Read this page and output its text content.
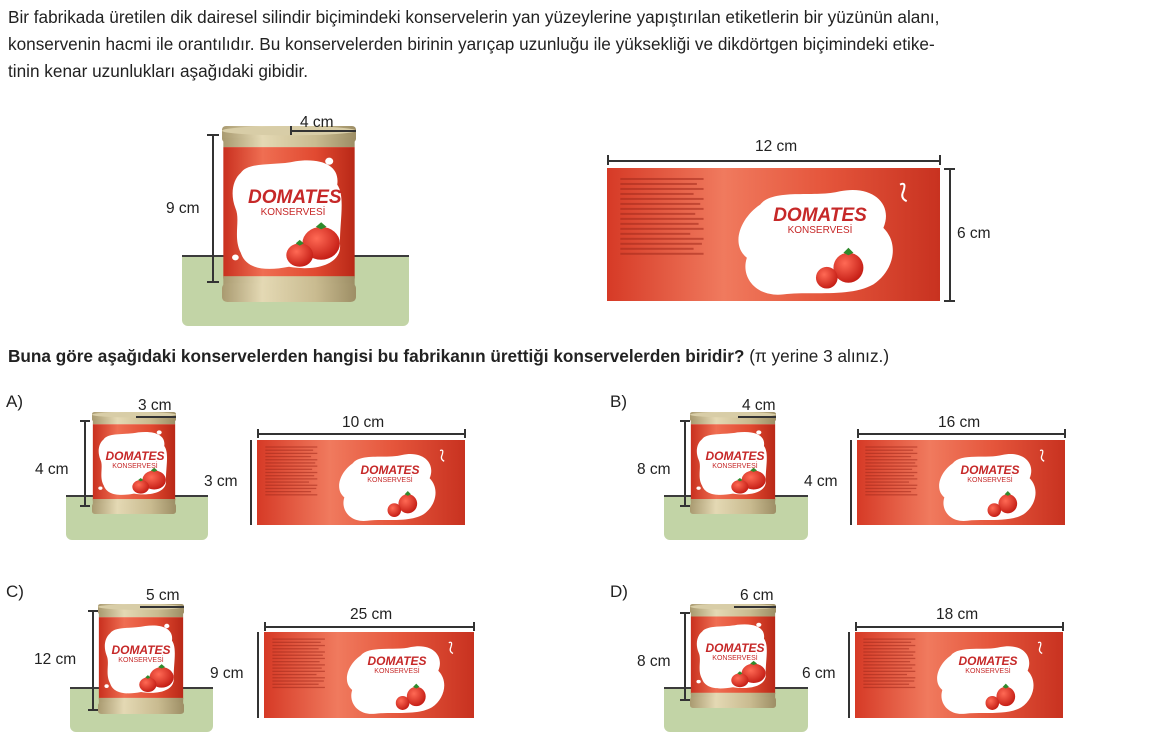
Bir fabrikada üretilen dik dairesel silindir biçimindeki konservelerin yan yüzeylerine yapıştırılan etiketlerin bir yüzünün alanı,

konservenin hacmi ile orantılıdır. Bu konservelerden birinin yarıçap uzunluğu ile yüksekliği ve dikdörtgen biçimindeki etike-

tinin kenar uzunlukları aşağıdaki gibidir.

DOMATES
KONSERVESİ
9 cm
4 cm
DOMATES
KONSERVESİ
12 cm
6 cm
Buna göre aşağıdaki konservelerden hangisi bu fabrikanın ürettiği konservelerden biridir? (π yerine 3 alınız.)
A)
DOMATES
KONSERVESİ
4 cm
3 cm
DOMATES
KONSERVESİ
10 cm
3 cm
B)
DOMATES
KONSERVESİ
8 cm
4 cm
DOMATES
KONSERVESİ
16 cm
4 cm
C)
DOMATES
KONSERVESİ
12 cm
5 cm
DOMATES
KONSERVESİ
25 cm
9 cm
D)
DOMATES
KONSERVESİ
8 cm
6 cm
DOMATES
KONSERVESİ
18 cm
6 cm
